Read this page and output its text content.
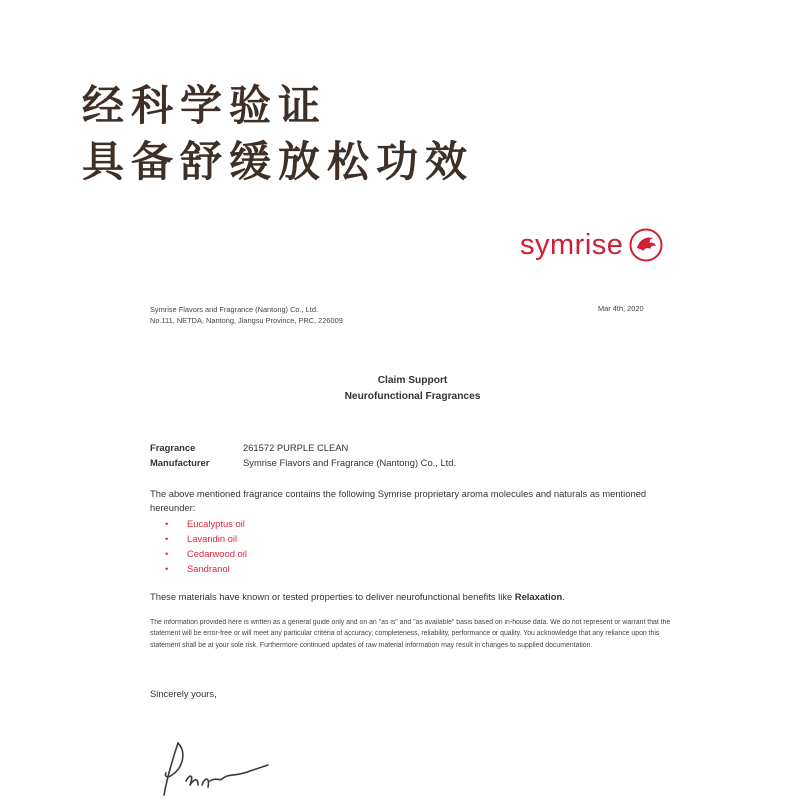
经科学验证
具备舒缓放松功效
symrise
Symrise Flavors and Fragrance (Nantong) Co., Ltd.
No.111, NETDA, Nantong, Jiangsu Province, PRC, 226009
Mar 4th, 2020
Claim Support
Neurofunctional Fragrances
Fragrance	261572 PURPLE CLEAN
Manufacturer	Symrise Flavors and Fragrance (Nantong) Co., Ltd.
The above mentioned fragrance contains the following Symrise proprietary aroma molecules and naturals as mentioned hereunder:
•	Eucalyptus oil
•	Lavandin oil
•	Cedarwood oil
•	Sandranol
These materials have known or tested properties to deliver neurofunctional benefits like Relaxation.
The information provided here is written as a general guide only and on an "as is" and "as available" basis based on in-house data. We do not represent or warrant that the statement will be error-free or will meet any particular criteria of accuracy, completeness, reliability, performance or quality. You acknowledge that any reliance upon this statement shall be at your sole risk. Furthermore continued updates of raw material information may result in changes to supplied documentation.
Sincerely yours,
